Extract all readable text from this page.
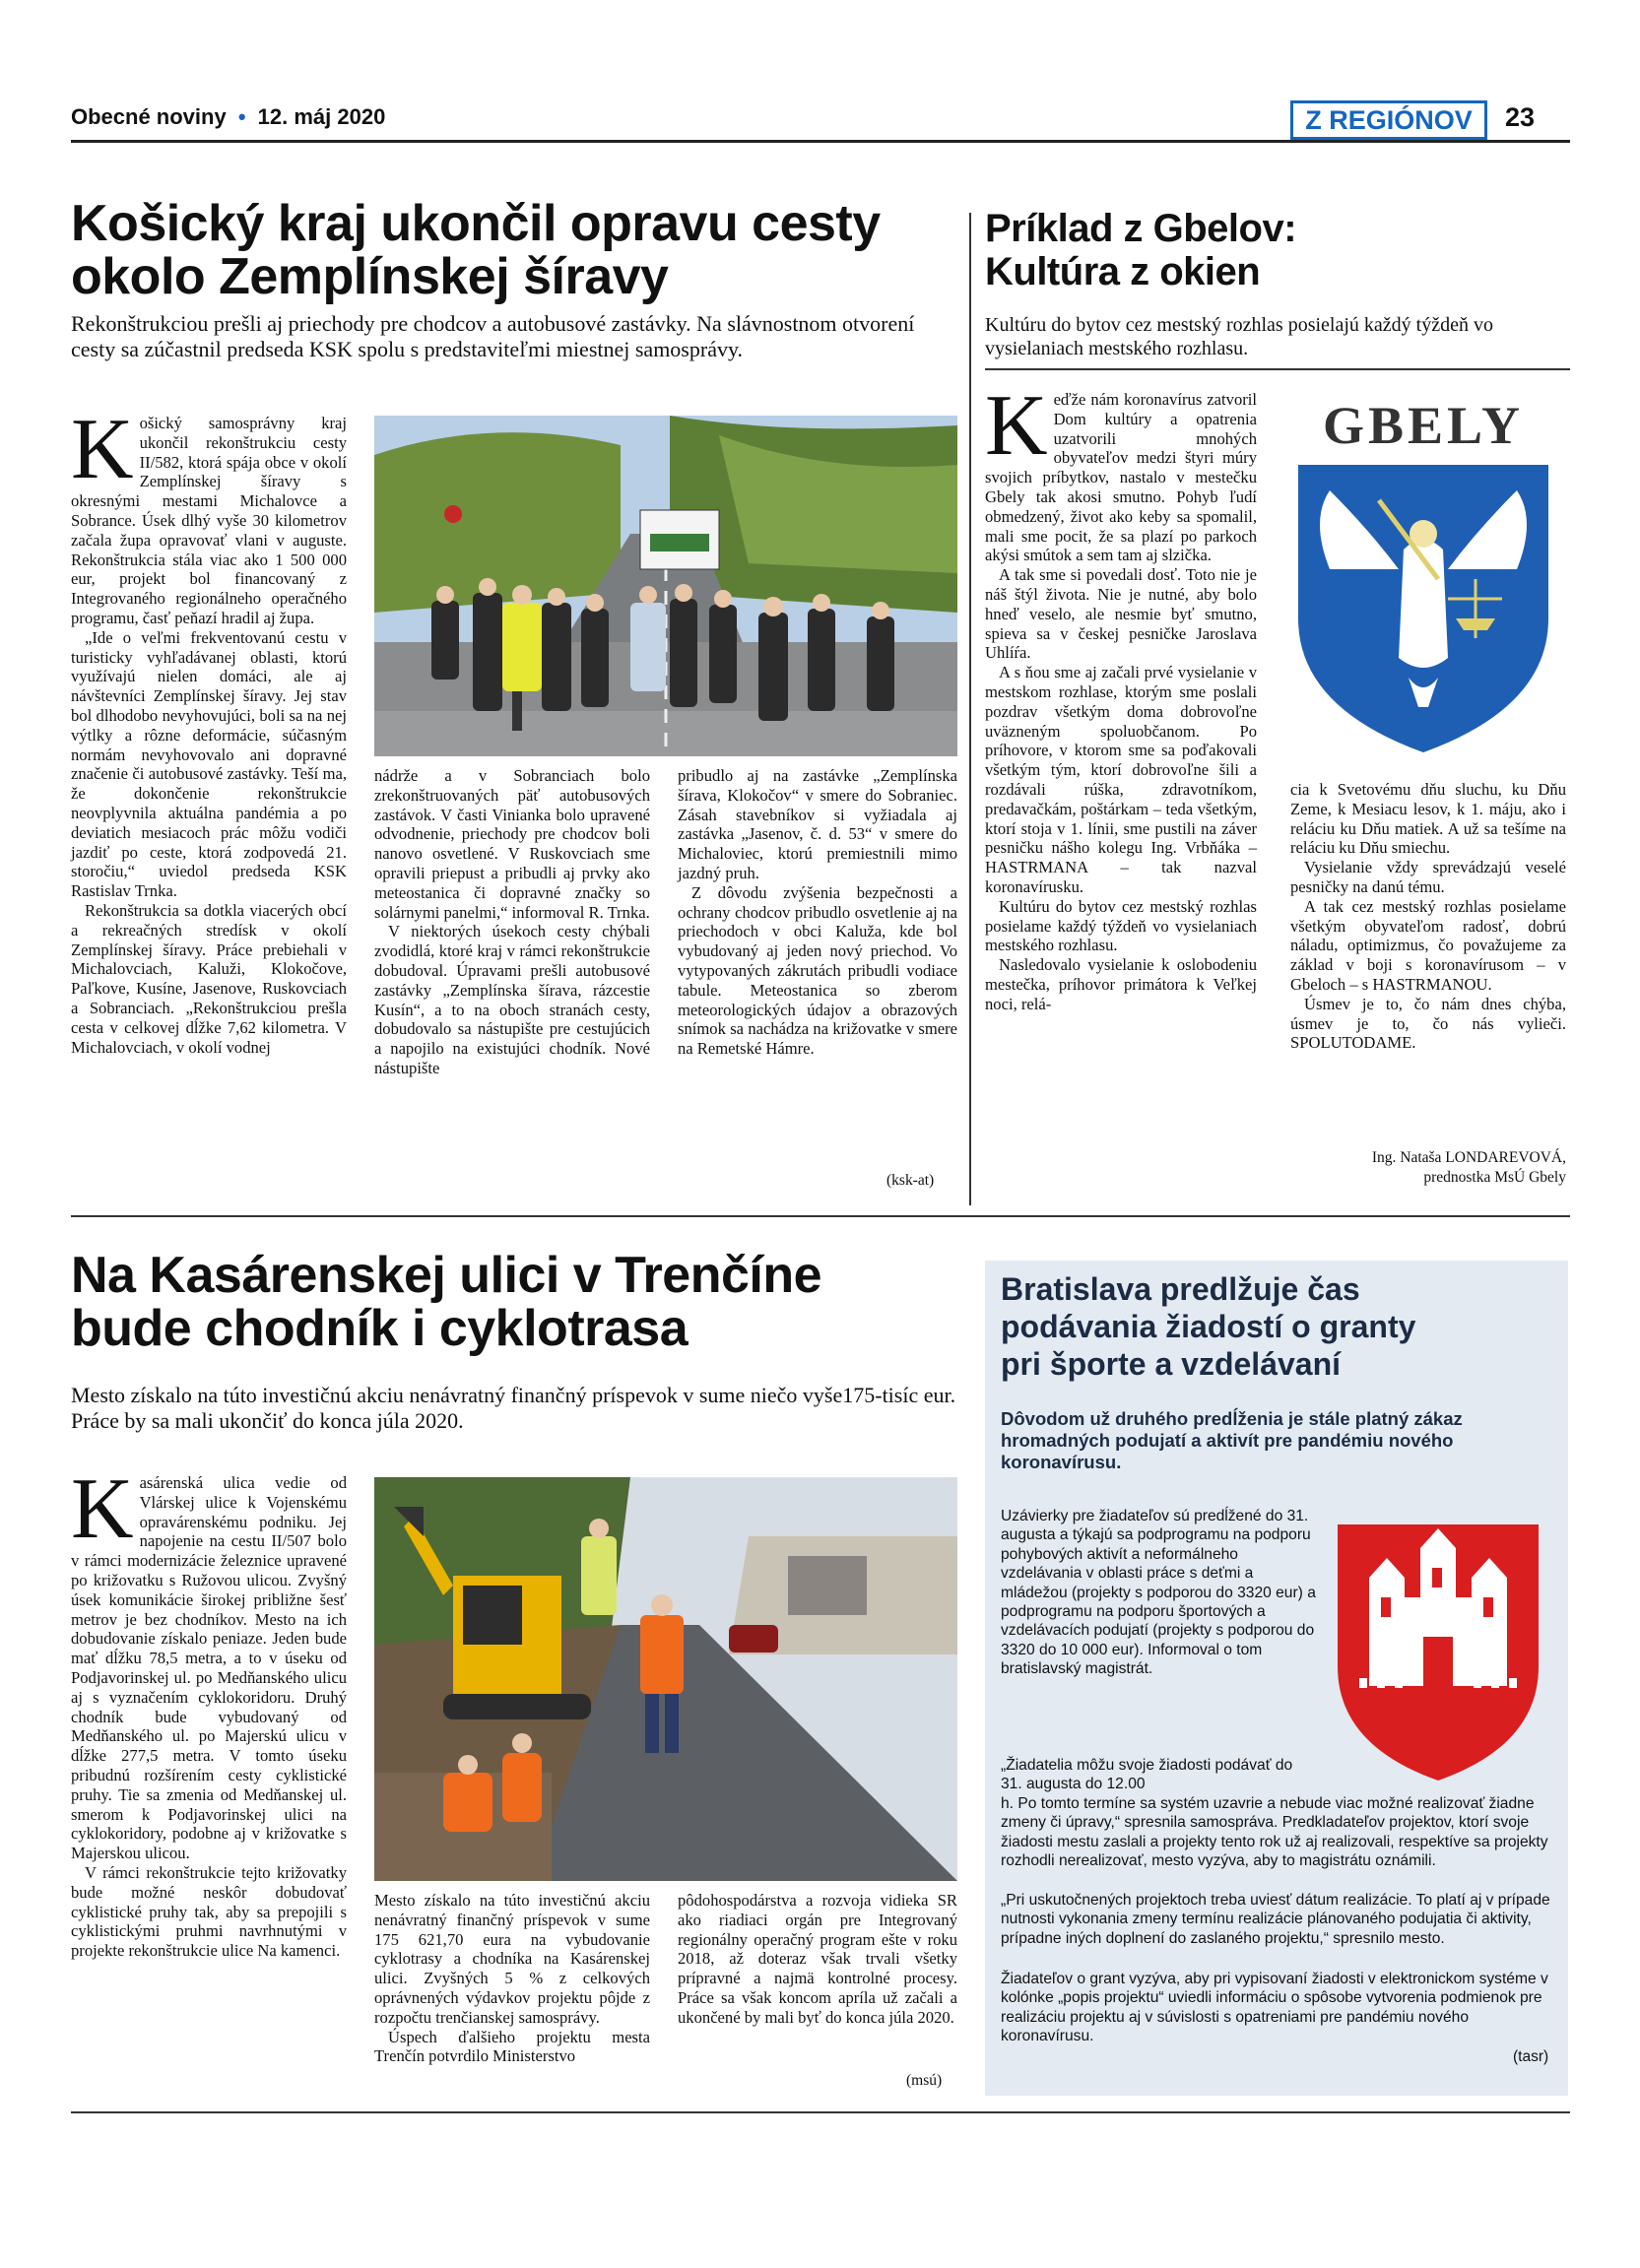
Obecné noviny • 12. máj 2020	Z REGIÓNOV	23
Košický kraj ukončil opravu cesty
okolo Zemplínskej šíravy
Rekonštrukciou prešli aj priechody pre chodcov a autobusové zastávky. Na slávnostnom otvorení cesty sa zúčastnil predseda KSK spolu s predstaviteľmi miestnej samosprávy.

Košický samosprávny kraj ukončil rekonštrukciu cesty II/582, ktorá spája obce v okolí Zemplínskej šíravy s okresnými mestami Michalovce a Sobrance. Úsek dlhý vyše 30 kilometrov začala župa opravovať vlani v auguste. Rekonštrukcia stála viac ako 1 500 000 eur, projekt bol financovaný z Integrovaného regionálneho operačného programu, časť peňazí hradil aj župa.

„Ide o veľmi frekventovanú cestu v turisticky vyhľadávanej oblasti, ktorú využívajú nielen domáci, ale aj návštevníci Zemplínskej šíravy. Jej stav bol dlhodobo nevyhovujúci, boli sa na nej výtlky a rôzne deformácie, súčasným normám nevyhovovalo ani dopravné značenie či autobusové zastávky. Teší ma, že dokončenie rekonštrukcie neovplyvnila aktuálna pandémia a po deviatich mesiacoch prác môžu vodiči jazdiť po ceste, ktorá zodpovedá 21. storočiu,“ uviedol predseda KSK Rastislav Trnka.

Rekonštrukcia sa dotkla viacerých obcí a rekreačných stredísk v okolí Zemplínskej šíravy. Práce prebiehali v Michalovciach, Kaluži, Klokočove, Paľkove, Kusíne, Jasenove, Ruskovciach a Sobranciach. „Rekonštrukciou prešla cesta v celkovej dĺžke 7,62 kilometra. V Michalovciach, v okolí vodnej

nádrže a v Sobranciach bolo zrekonštruovaných päť autobusových zastávok. V časti Vinianka bolo upravené odvodnenie, priechody pre chodcov boli nanovo osvetlené. V Ruskovciach sme opravili priepust a pribudli aj prvky ako meteostanica či dopravné značky so solárnymi panelmi,“ informoval R. Trnka.

V niektorých úsekoch cesty chýbali zvodidlá, ktoré kraj v rámci rekonštrukcie dobudoval. Úpravami prešli autobusové zastávky „Zemplínska šírava, rázcestie Kusín“, a to na oboch stranách cesty, dobudovalo sa nástupište pre cestujúcich a napojilo na existujúci chodník. Nové nástupište

pribudlo aj na zastávke „Zemplínska šírava, Klokočov“ v smere do Sobraniec. Zásah stavebníkov si vyžiadala aj zastávka „Jasenov, č. d. 53“ v smere do Michaloviec, ktorú premiestnili mimo jazdný pruh.

Z dôvodu zvýšenia bezpečnosti a ochrany chodcov pribudlo osvetlenie aj na priechodoch v obci Kaluža, kde bol vybudovaný aj jeden nový priechod. Vo vytypovaných zákrutách pribudli vodiace tabule. Meteostanica so zberom meteorologických údajov a obrazových snímok sa nachádza na križovatke v smere na Remetské Hámre.

(ksk-at)
Príklad z Gbelov:
Kultúra z okien
Kultúru do bytov cez mestský rozhlas posielajú každý týždeň vo vysielaniach mestského rozhlasu.

Keďže nám koronavírus zatvoril Dom kultúry a opatrenia uzatvorili mnohých obyvateľov medzi štyri múry svojich príbytkov, nastalo v mestečku Gbely tak akosi smutno. Pohyb ľudí obmedzený, život ako keby sa spomalil, mali sme pocit, že sa plazí po parkoch akýsi smútok a sem tam aj slzička.

A tak sme si povedali dosť. Toto nie je náš štýl života. Nie je nutné, aby bolo hneď veselo, ale nesmie byť smutno, spieva sa v českej pesničke Jaroslava Uhlíŕa.

A s ňou sme aj začali prvé vysielanie v mestskom rozhlase, ktorým sme poslali pozdrav všetkým doma dobrovoľne uväzneným spoluobčanom. Po príhovore, v ktorom sme sa poďakovali všetkým tým, ktorí dobrovoľne šili a rozdávali rúška, zdravotníkom, predavačkám, poštárkam – teda všetkým, ktorí stoja v 1. línii, sme pustili na záver pesničku nášho kolegu Ing. Vrbňáka – HASTRMANA – tak nazval koronavírusku.

Kultúru do bytov cez mestský rozhlas posielame každý týždeň vo vysielaniach mestského rozhlasu.

Nasledovalo vysielanie k oslobodeniu mestečka, príhovor primátora k Veľkej noci, relá-

GBELY

cia k Svetovému dňu sluchu, ku Dňu Zeme, k Mesiacu lesov, k 1. máju, ako i reláciu ku Dňu matiek. A už sa tešíme na reláciu ku Dňu smiechu.

Vysielanie vždy sprevádzajú veselé pesničky na danú tému.

A tak cez mestský rozhlas posielame všetkým obyvateľom radosť, dobrú náladu, optimizmus, čo považujeme za základ v boji s koronavírusom – v Gbeloch – s HASTRMANOU.

Úsmev je to, čo nám dnes chýba, úsmev je to, čo nás vylieči. SPOLUTODAME.

Ing. Nataša LONDAREVOVÁ,
prednostka MsÚ Gbely
Na Kasárenskej ulici v Trenčíne
bude chodník i cyklotrasa
Mesto získalo na túto investičnú akciu nenávratný finančný príspevok v sume niečo vyše175-tisíc eur. Práce by sa mali ukončiť do konca júla 2020.

Kasárenská ulica vedie od Vlárskej ulice k Vojenskému opravárenskému podniku. Jej napojenie na cestu II/507 bolo v rámci modernizácie železnice upravené po križovatku s Ružovou ulicou. Zvyšný úsek komunikácie širokej približne šesť metrov je bez chodníkov. Mesto na ich dobudovanie získalo peniaze. Jeden bude mať dĺžku 78,5 metra, a to v úseku od Podjavorinskej ul. po Medňanského ulicu aj s vyznačením cyklokoridoru. Druhý chodník bude vybudovaný od Medňanského ul. po Majerskú ulicu v dĺžke 277,5 metra. V tomto úseku pribudnú rozšírením cesty cyklistické pruhy. Tie sa zmenia od Medňanskej ul. smerom k Podjavorinskej ulici na cyklokoridory, podobne aj v križovatke s Majerskou ulicou.

V rámci rekonštrukcie tejto križovatky bude možné neskôr dobudovať cyklistické pruhy tak, aby sa prepojili s cyklistickými pruhmi navrhnutými v projekte rekonštrukcie ulice Na kamenci.

Mesto získalo na túto investičnú akciu nenávratný finančný príspevok v sume 175 621,70 eura na vybudovanie cyklotrasy a chodníka na Kasárenskej ulici. Zvyšných 5 % z celkových oprávnených výdavkov projektu pôjde z rozpočtu trenčianskej samosprávy.

Úspech ďalšieho projektu mesta Trenčín potvrdilo Ministerstvo

pôdohospodárstva a rozvoja vidieka SR ako riadiaci orgán pre Integrovaný regionálny operačný program ešte v roku 2018, až doteraz však trvali všetky prípravné a najmä kontrolné procesy. Práce sa však koncom apríla už začali a ukončené by mali byť do konca júla 2020.

(msú)
Bratislava predlžuje čas
podávania žiadostí o granty
pri športe a vzdelávaní
Dôvodom už druhého predĺženia je stále platný zákaz hromadných podujatí a aktivít pre pandémiu nového koronavírusu.
Uzávierky pre žiadateľov sú predĺžené do 31. augusta a týkajú sa podprogramu na podporu pohybových aktivít a neformálneho vzdelávania v oblasti práce s deťmi a mládežou (projekty s podporou do 3320 eur) a podprogramu na podporu športových a vzdelávacích podujatí (projekty s podporou do 3320 do 10 000 eur). Informoval o tom bratislavský magistrát.
„Žiadatelia môžu svoje žiadosti podávať do 31. augusta do 12.00
h. Po tomto termíne sa systém uzavrie a nebude viac možné realizovať žiadne zmeny či úpravy,“ spresnila samospráva. Predkladateľov projektov, ktorí svoje žiadosti mestu zaslali a projekty tento rok už aj realizovali, respektíve sa projekty rozhodli nerealizovať, mesto vyzýva, aby to magistrátu oznámili.
„Pri uskutočnených projektoch treba uviesť dátum realizácie. To platí aj v prípade nutnosti vykonania zmeny termínu realizácie plánovaného podujatia či aktivity, prípadne iných doplnení do zaslaného projektu,“ spresnilo mesto.
Žiadateľov o grant vyzýva, aby pri vypisovaní žiadosti v elektronickom systéme v kolónke „popis projektu“ uviedli informáciu o spôsobe vytvorenia podmienok pre realizáciu projektu aj v súvislosti s opatreniami pre pandémiu nového koronavírusu.
(tasr)
